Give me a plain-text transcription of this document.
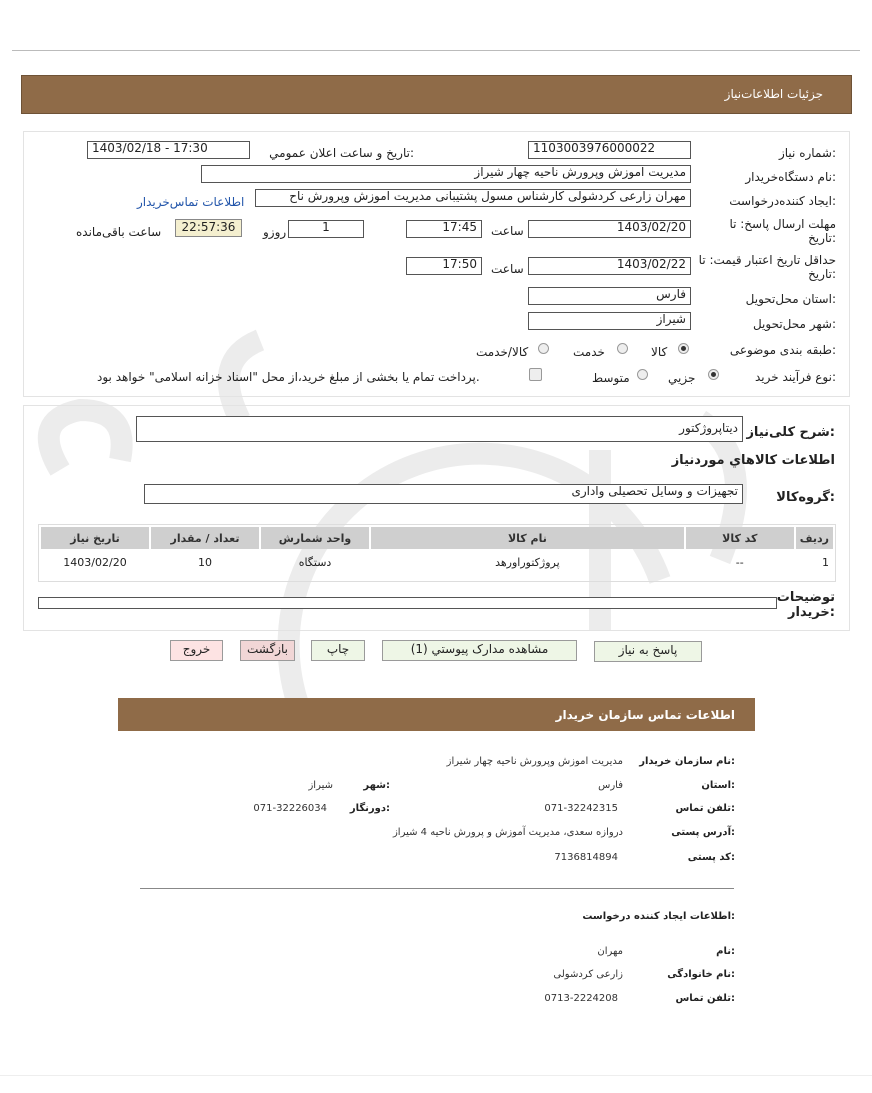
جزئیات اطلاعات‌نیاز
شماره نیاز:
1103003976000022
تاريخ و ساعت اعلان عمومي:
1403/02/18 - 17:30
نام دستگاه‌خريدار:
مدیریت اموزش وپرورش ناحیه چهار شیراز
ايجاد كننده‌درخواست:
مهران زارعی کردشولی کارشناس مسول پشتیبانی مدیریت اموزش وپرورش ناح
اطلاعات تماس‌خريدار
مهلت ارسال پاسخ: تا تاريخ:
1403/02/20
ساعت
17:45
1
روزو
22:57:36
ساعت باقی‌مانده
حداقل تاريخ اعتبار قيمت: تا تاريخ:
1403/02/22
ساعت
17:50
استان محل‌تحويل:
فارس
شهر محل‌تحويل:
شیراز
طبقه بندی موضوعی:
كالا
خدمت
كالا/خدمت
نوع فرآيند خريد:
جزيي
متوسط
پرداخت تمام يا بخشی از مبلغ خريد،از محل "اسناد خزانه اسلامی" خواهد بود.
شرح كلی‌نياز:
دیتاپروژکتور
اطلاعات كالاهاي موردنياز
گروه‌کالا:
تجهیزات و وسایل تحصیلی واداری
تاريخ نياز	تعداد / مقدار	واحد شمارش	نام كالا	کد كالا	رديف
1403/02/20	10	دستگاه	پروژکتوراورهد	--	1
توضيحات خريدار:
پاسخ به نياز
مشاهده مدارک پيوستي (1)
چاپ
بازگشت
خروج
اطلاعات تماس سازمان خریدار
نام سازمان خریدار:
مدیریت اموزش وپرورش ناحیه چهار شیراز
استان:
فارس
شهر:
شیراز
تلفن تماس:
071-32242315
دورنگار:
071-32226034
آدرس پستی:
دروازه سعدی، مدیریت آموزش و پرورش ناحیه 4 شیراز
کد پستی:
7136814894
اطلاعات ایجاد کننده درخواست:
نام:
مهران
نام خانوادگی:
زارعی کردشولی
تلفن تماس:
0713-2224208
